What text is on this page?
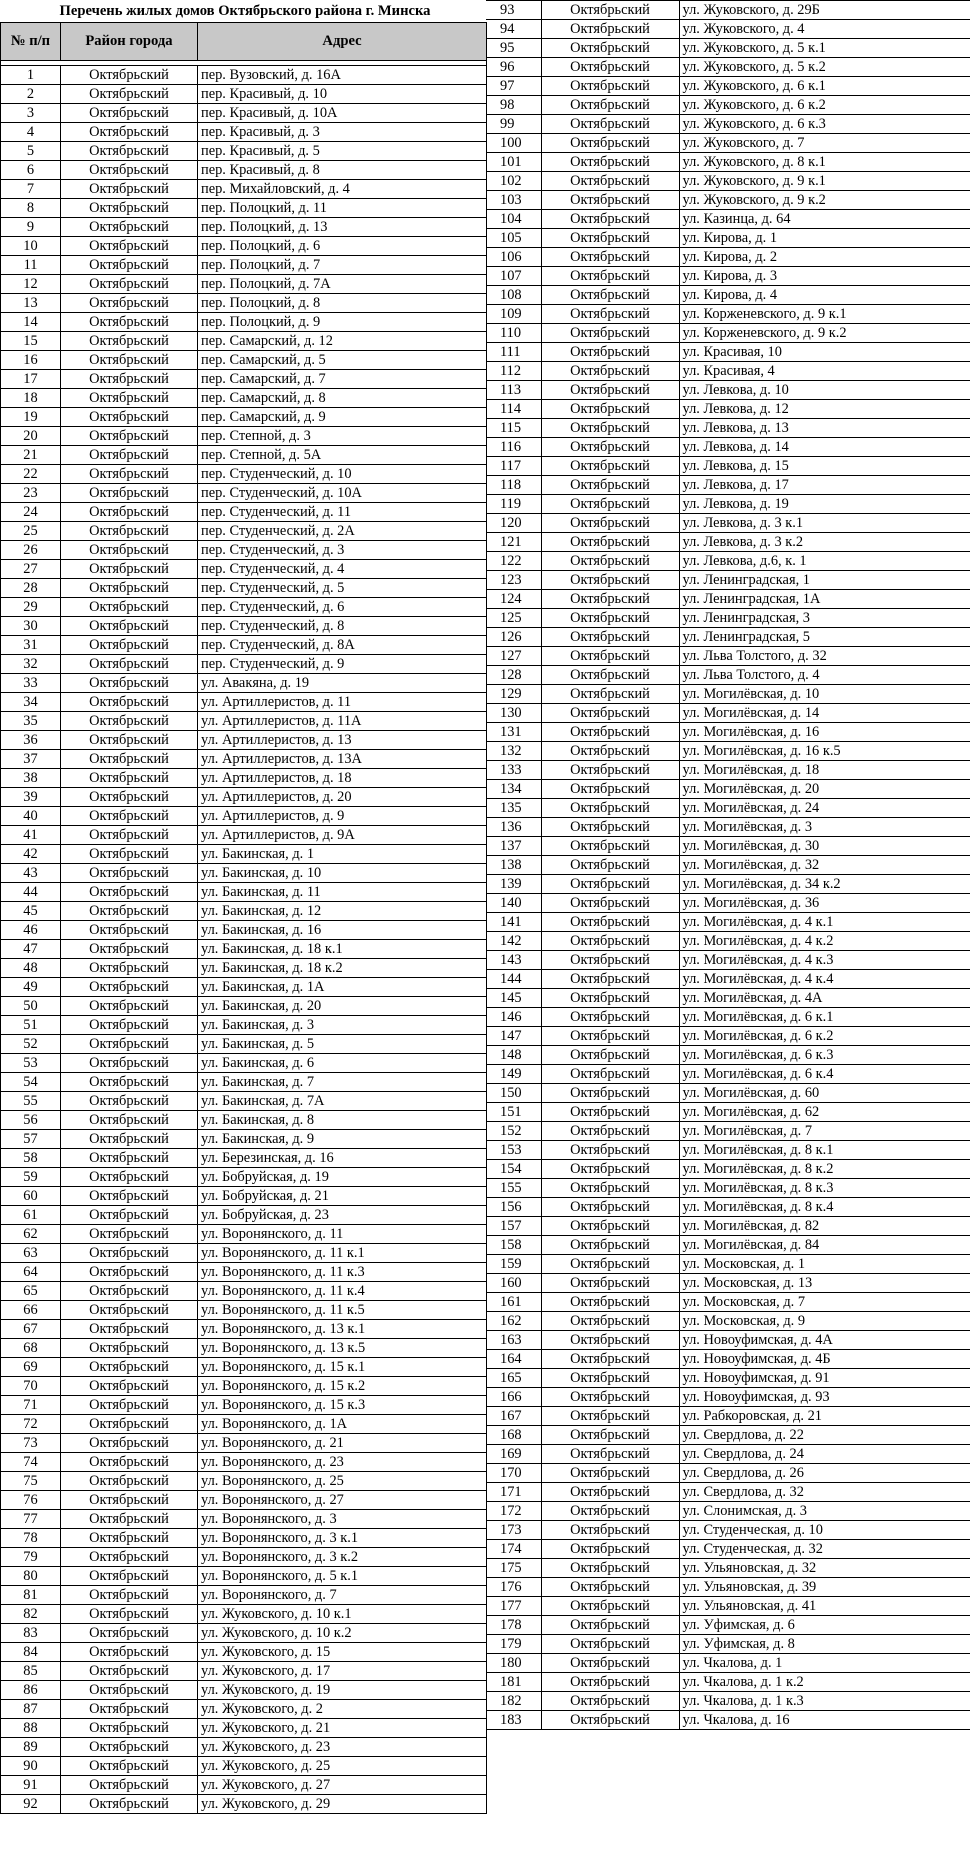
Перечень жилых домов Октябрьского района г. Минска		
№ п/п	Район города	Адрес

1	Октябрьский	пер. Вузовский, д. 16А
2	Октябрьский	пер. Красивый, д. 10
3	Октябрьский	пер. Красивый, д. 10А
4	Октябрьский	пер. Красивый, д. 3
5	Октябрьский	пер. Красивый, д. 5
6	Октябрьский	пер. Красивый, д. 8
7	Октябрьский	пер. Михайловский, д. 4
8	Октябрьский	пер. Полоцкий, д. 11
9	Октябрьский	пер. Полоцкий, д. 13
10	Октябрьский	пер. Полоцкий, д. 6
11	Октябрьский	пер. Полоцкий, д. 7
12	Октябрьский	пер. Полоцкий, д. 7А
13	Октябрьский	пер. Полоцкий, д. 8
14	Октябрьский	пер. Полоцкий, д. 9
15	Октябрьский	пер. Самарский, д. 12
16	Октябрьский	пер. Самарский, д. 5
17	Октябрьский	пер. Самарский, д. 7
18	Октябрьский	пер. Самарский, д. 8
19	Октябрьский	пер. Самарский, д. 9
20	Октябрьский	пер. Степной, д. 3
21	Октябрьский	пер. Степной, д. 5А
22	Октябрьский	пер. Студенческий, д. 10
23	Октябрьский	пер. Студенческий, д. 10А
24	Октябрьский	пер. Студенческий, д. 11
25	Октябрьский	пер. Студенческий, д. 2А
26	Октябрьский	пер. Студенческий, д. 3
27	Октябрьский	пер. Студенческий, д. 4
28	Октябрьский	пер. Студенческий, д. 5
29	Октябрьский	пер. Студенческий, д. 6
30	Октябрьский	пер. Студенческий, д. 8
31	Октябрьский	пер. Студенческий, д. 8А
32	Октябрьский	пер. Студенческий, д. 9
33	Октябрьский	ул. Авакяна, д. 19
34	Октябрьский	ул. Артиллеристов, д. 11
35	Октябрьский	ул. Артиллеристов, д. 11А
36	Октябрьский	ул. Артиллеристов, д. 13
37	Октябрьский	ул. Артиллеристов, д. 13А
38	Октябрьский	ул. Артиллеристов, д. 18
39	Октябрьский	ул. Артиллеристов, д. 20
40	Октябрьский	ул. Артиллеристов, д. 9
41	Октябрьский	ул. Артиллеристов, д. 9А
42	Октябрьский	ул. Бакинская, д. 1
43	Октябрьский	ул. Бакинская, д. 10
44	Октябрьский	ул. Бакинская, д. 11
45	Октябрьский	ул. Бакинская, д. 12
46	Октябрьский	ул. Бакинская, д. 16
47	Октябрьский	ул. Бакинская, д. 18 к.1
48	Октябрьский	ул. Бакинская, д. 18 к.2
49	Октябрьский	ул. Бакинская, д. 1А
50	Октябрьский	ул. Бакинская, д. 20
51	Октябрьский	ул. Бакинская, д. 3
52	Октябрьский	ул. Бакинская, д. 5
53	Октябрьский	ул. Бакинская, д. 6
54	Октябрьский	ул. Бакинская, д. 7
55	Октябрьский	ул. Бакинская, д. 7А
56	Октябрьский	ул. Бакинская, д. 8
57	Октябрьский	ул. Бакинская, д. 9
58	Октябрьский	ул. Березинская, д. 16
59	Октябрьский	ул. Бобруйская, д. 19
60	Октябрьский	ул. Бобруйская, д. 21
61	Октябрьский	ул. Бобруйская, д. 23
62	Октябрьский	ул. Воронянского, д. 11
63	Октябрьский	ул. Воронянского, д. 11 к.1
64	Октябрьский	ул. Воронянского, д. 11 к.3
65	Октябрьский	ул. Воронянского, д. 11 к.4
66	Октябрьский	ул. Воронянского, д. 11 к.5
67	Октябрьский	ул. Воронянского, д. 13 к.1
68	Октябрьский	ул. Воронянского, д. 13 к.5
69	Октябрьский	ул. Воронянского, д. 15 к.1
70	Октябрьский	ул. Воронянского, д. 15 к.2
71	Октябрьский	ул. Воронянского, д. 15 к.3
72	Октябрьский	ул. Воронянского, д. 1А
73	Октябрьский	ул. Воронянского, д. 21
74	Октябрьский	ул. Воронянского, д. 23
75	Октябрьский	ул. Воронянского, д. 25
76	Октябрьский	ул. Воронянского, д. 27
77	Октябрьский	ул. Воронянского, д. 3
78	Октябрьский	ул. Воронянского, д. 3 к.1
79	Октябрьский	ул. Воронянского, д. 3 к.2
80	Октябрьский	ул. Воронянского, д. 5 к.1
81	Октябрьский	ул. Воронянского, д. 7
82	Октябрьский	ул. Жуковского, д. 10 к.1
83	Октябрьский	ул. Жуковского, д. 10 к.2
84	Октябрьский	ул. Жуковского, д. 15
85	Октябрьский	ул. Жуковского, д. 17
86	Октябрьский	ул. Жуковского, д. 19
87	Октябрьский	ул. Жуковского, д. 2
88	Октябрьский	ул. Жуковского, д. 21
89	Октябрьский	ул. Жуковского, д. 23
90	Октябрьский	ул. Жуковского, д. 25
91	Октябрьский	ул. Жуковского, д. 27
92	Октябрьский	ул. Жуковского, д. 29
93	Октябрьский	ул. Жуковского, д. 29Б
94	Октябрьский	ул. Жуковского, д. 4
95	Октябрьский	ул. Жуковского, д. 5 к.1
96	Октябрьский	ул. Жуковского, д. 5 к.2
97	Октябрьский	ул. Жуковского, д. 6 к.1
98	Октябрьский	ул. Жуковского, д. 6 к.2
99	Октябрьский	ул. Жуковского, д. 6 к.3
100	Октябрьский	ул. Жуковского, д. 7
101	Октябрьский	ул. Жуковского, д. 8 к.1
102	Октябрьский	ул. Жуковского, д. 9 к.1
103	Октябрьский	ул. Жуковского, д. 9 к.2
104	Октябрьский	ул. Казинца, д. 64
105	Октябрьский	ул. Кирова, д. 1
106	Октябрьский	ул. Кирова, д. 2
107	Октябрьский	ул. Кирова, д. 3
108	Октябрьский	ул. Кирова, д. 4
109	Октябрьский	ул. Корженевского, д. 9 к.1
110	Октябрьский	ул. Корженевского, д. 9 к.2
111	Октябрьский	ул. Красивая, 10
112	Октябрьский	ул. Красивая, 4
113	Октябрьский	ул. Левкова, д. 10
114	Октябрьский	ул. Левкова, д. 12
115	Октябрьский	ул. Левкова, д. 13
116	Октябрьский	ул. Левкова, д. 14
117	Октябрьский	ул. Левкова, д. 15
118	Октябрьский	ул. Левкова, д. 17
119	Октябрьский	ул. Левкова, д. 19
120	Октябрьский	ул. Левкова, д. 3 к.1
121	Октябрьский	ул. Левкова, д. 3 к.2
122	Октябрьский	ул. Левкова, д.6, к. 1
123	Октябрьский	ул. Ленинградская, 1
124	Октябрьский	ул. Ленинградская, 1А
125	Октябрьский	ул. Ленинградская, 3
126	Октябрьский	ул. Ленинградская, 5
127	Октябрьский	ул. Льва Толстого, д. 32
128	Октябрьский	ул. Льва Толстого, д. 4
129	Октябрьский	ул. Могилёвская, д. 10
130	Октябрьский	ул. Могилёвская, д. 14
131	Октябрьский	ул. Могилёвская, д. 16
132	Октябрьский	ул. Могилёвская, д. 16 к.5
133	Октябрьский	ул. Могилёвская, д. 18
134	Октябрьский	ул. Могилёвская, д. 20
135	Октябрьский	ул. Могилёвская, д. 24
136	Октябрьский	ул. Могилёвская, д. 3
137	Октябрьский	ул. Могилёвская, д. 30
138	Октябрьский	ул. Могилёвская, д. 32
139	Октябрьский	ул. Могилёвская, д. 34 к.2
140	Октябрьский	ул. Могилёвская, д. 36
141	Октябрьский	ул. Могилёвская, д. 4 к.1
142	Октябрьский	ул. Могилёвская, д. 4 к.2
143	Октябрьский	ул. Могилёвская, д. 4 к.3
144	Октябрьский	ул. Могилёвская, д. 4 к.4
145	Октябрьский	ул. Могилёвская, д. 4А
146	Октябрьский	ул. Могилёвская, д. 6 к.1
147	Октябрьский	ул. Могилёвская, д. 6 к.2
148	Октябрьский	ул. Могилёвская, д. 6 к.3
149	Октябрьский	ул. Могилёвская, д. 6 к.4
150	Октябрьский	ул. Могилёвская, д. 60
151	Октябрьский	ул. Могилёвская, д. 62
152	Октябрьский	ул. Могилёвская, д. 7
153	Октябрьский	ул. Могилёвская, д. 8 к.1
154	Октябрьский	ул. Могилёвская, д. 8 к.2
155	Октябрьский	ул. Могилёвская, д. 8 к.3
156	Октябрьский	ул. Могилёвская, д. 8 к.4
157	Октябрьский	ул. Могилёвская, д. 82
158	Октябрьский	ул. Могилёвская, д. 84
159	Октябрьский	ул. Московская, д. 1
160	Октябрьский	ул. Московская, д. 13
161	Октябрьский	ул. Московская, д. 7
162	Октябрьский	ул. Московская, д. 9
163	Октябрьский	ул. Новоуфимская, д. 4А
164	Октябрьский	ул. Новоуфимская, д. 4Б
165	Октябрьский	ул. Новоуфимская, д. 91
166	Октябрьский	ул. Новоуфимская, д. 93
167	Октябрьский	ул. Рабкоровская, д. 21
168	Октябрьский	ул. Свердлова, д. 22
169	Октябрьский	ул. Свердлова, д. 24
170	Октябрьский	ул. Свердлова, д. 26
171	Октябрьский	ул. Свердлова, д. 32
172	Октябрьский	ул. Слонимская, д. 3
173	Октябрьский	ул. Студенческая, д. 10
174	Октябрьский	ул. Студенческая, д. 32
175	Октябрьский	ул. Ульяновская, д. 32
176	Октябрьский	ул. Ульяновская, д. 39
177	Октябрьский	ул. Ульяновская, д. 41
178	Октябрьский	ул. Уфимская, д. 6
179	Октябрьский	ул. Уфимская, д. 8
180	Октябрьский	ул. Чкалова, д. 1
181	Октябрьский	ул. Чкалова, д. 1 к.2
182	Октябрьский	ул. Чкалова, д. 1 к.3
183	Октябрьский	ул. Чкалова, д. 16
